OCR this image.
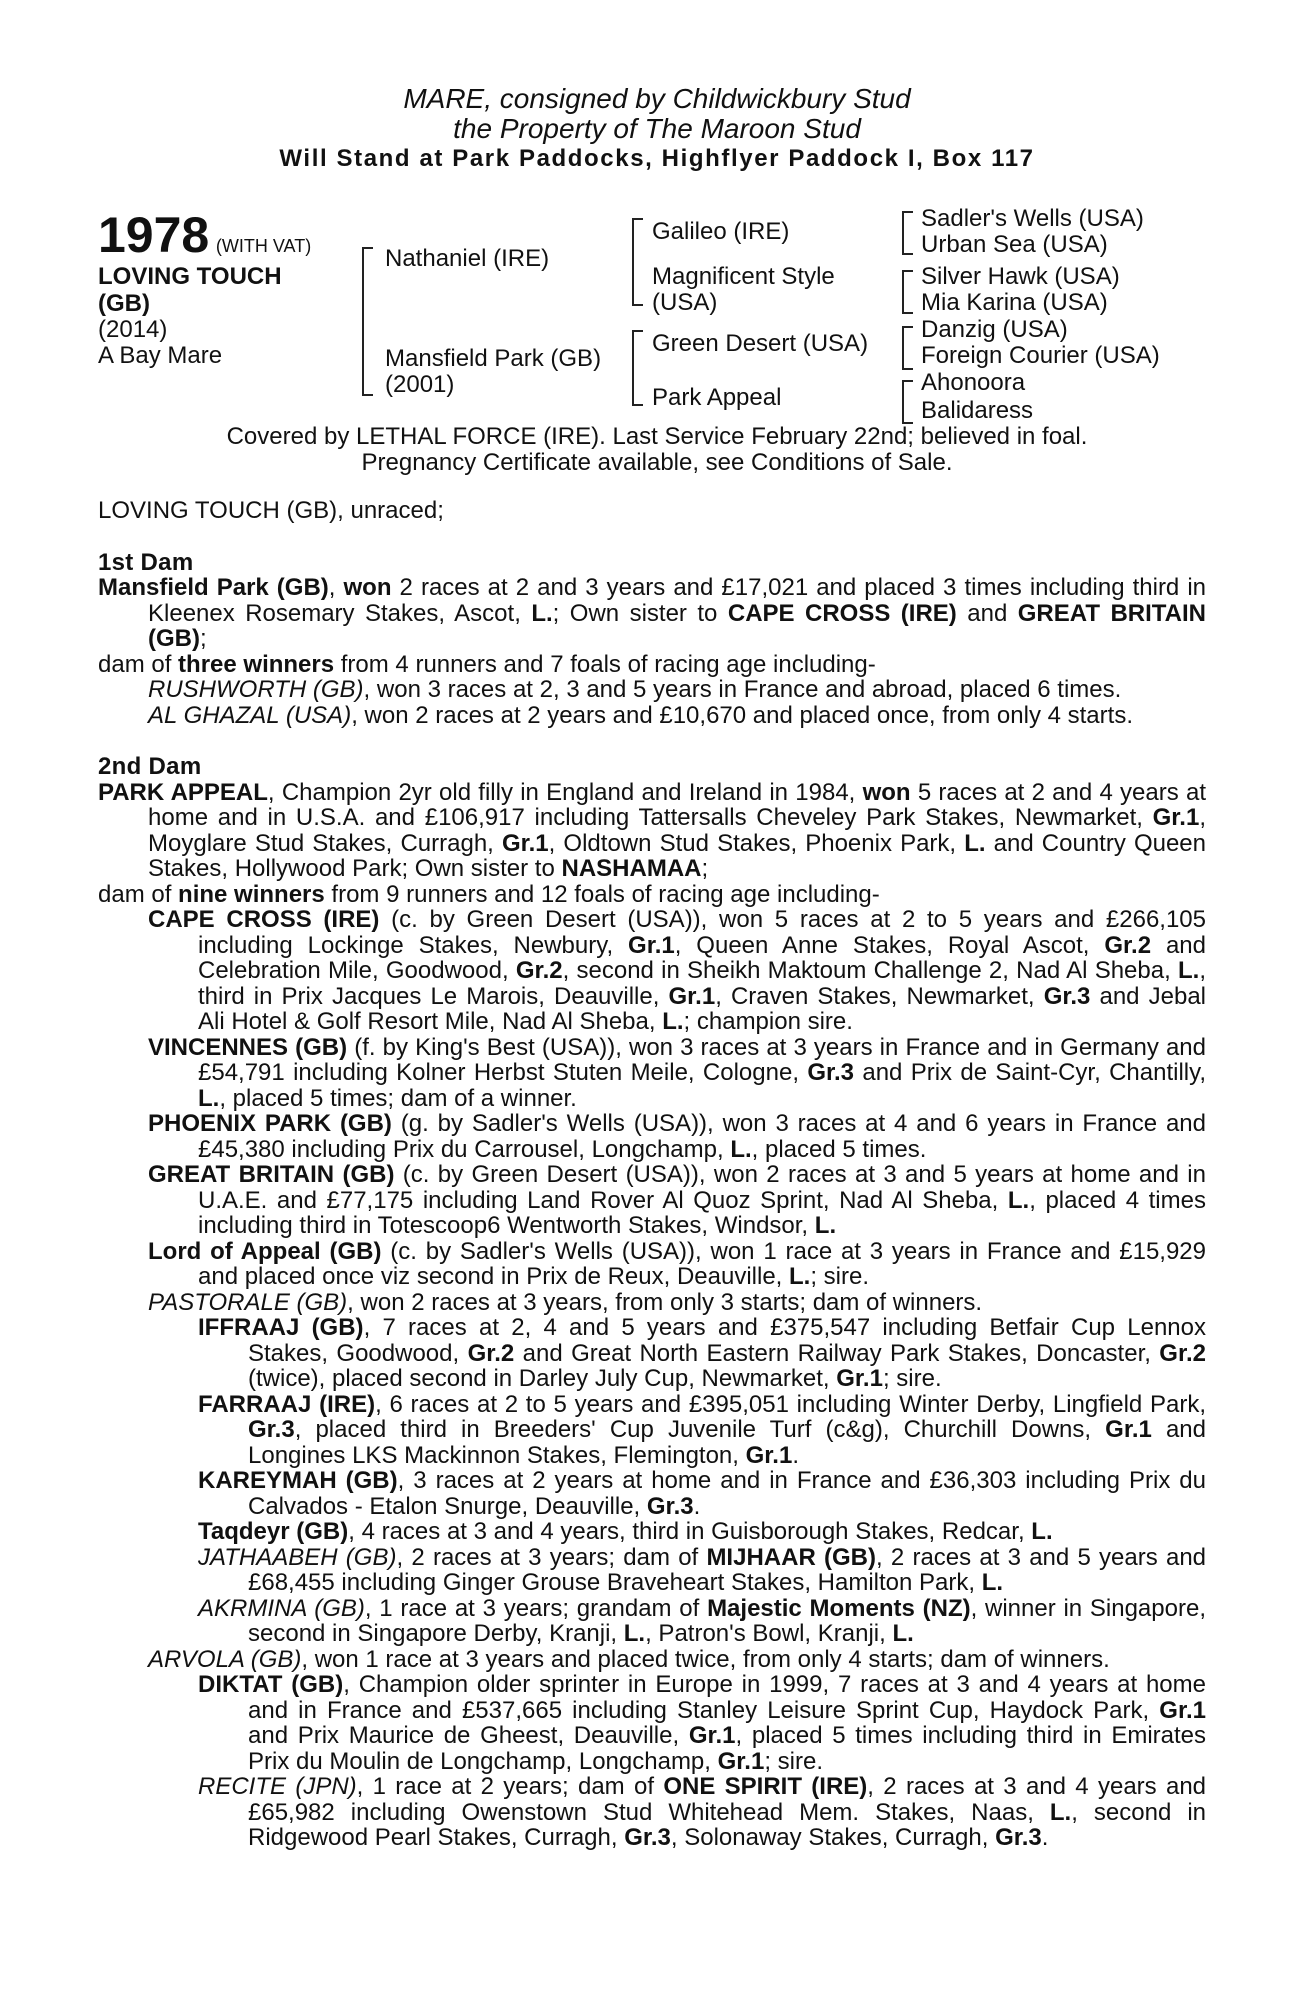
MARE, consigned by Childwickbury Stud
the Property of The Maroon Stud
Will Stand at Park Paddocks, Highflyer Paddock I, Box 117
1978 (WITH VAT)
LOVING TOUCH
(GB)
(2014)
A Bay Mare
Nathaniel (IRE)
Mansfield Park (GB)
(2001)
Galileo (IRE)
Magnificent Style
(USA)
Green Desert (USA)
Park Appeal
Sadler's Wells (USA)
Urban Sea (USA)
Silver Hawk (USA)
Mia Karina (USA)
Danzig (USA)
Foreign Courier (USA)
Ahonoora
Balidaress
Covered by LETHAL FORCE (IRE). Last Service February 22nd; believed in foal.
Pregnancy Certificate available, see Conditions of Sale.

LOVING TOUCH (GB), unraced;

1st Dam

Mansfield Park (GB), won 2 races at 2 and 3 years and £17,021 and placed 3 times including third in Kleenex Rosemary Stakes, Ascot, L.; Own sister to CAPE CROSS (IRE) and GREAT BRITAIN (GB);

dam of three winners from 4 runners and 7 foals of racing age including-

RUSHWORTH (GB), won 3 races at 2, 3 and 5 years in France and abroad, placed 6 times.

AL GHAZAL (USA), won 2 races at 2 years and £10,670 and placed once, from only 4 starts.

2nd Dam

PARK APPEAL, Champion 2yr old filly in England and Ireland in 1984, won 5 races at 2 and 4 years at home and in U.S.A. and £106,917 including Tattersalls Cheveley Park Stakes, Newmarket, Gr.1, Moyglare Stud Stakes, Curragh, Gr.1, Oldtown Stud Stakes, Phoenix Park, L. and Country Queen Stakes, Hollywood Park; Own sister to NASHAMAA;

dam of nine winners from 9 runners and 12 foals of racing age including-

CAPE CROSS (IRE) (c. by Green Desert (USA)), won 5 races at 2 to 5 years and £266,105 including Lockinge Stakes, Newbury, Gr.1, Queen Anne Stakes, Royal Ascot, Gr.2 and Celebration Mile, Goodwood, Gr.2, second in Sheikh Maktoum Challenge 2, Nad Al Sheba, L., third in Prix Jacques Le Marois, Deauville, Gr.1, Craven Stakes, Newmarket, Gr.3 and Jebal Ali Hotel & Golf Resort Mile, Nad Al Sheba, L.; champion sire.

VINCENNES (GB) (f. by King's Best (USA)), won 3 races at 3 years in France and in Germany and £54,791 including Kolner Herbst Stuten Meile, Cologne, Gr.3 and Prix de Saint-Cyr, Chantilly, L., placed 5 times; dam of a winner.

PHOENIX PARK (GB) (g. by Sadler's Wells (USA)), won 3 races at 4 and 6 years in France and £45,380 including Prix du Carrousel, Longchamp, L., placed 5 times.

GREAT BRITAIN (GB) (c. by Green Desert (USA)), won 2 races at 3 and 5 years at home and in U.A.E. and £77,175 including Land Rover Al Quoz Sprint, Nad Al Sheba, L., placed 4 times including third in Totescoop6 Wentworth Stakes, Windsor, L.

Lord of Appeal (GB) (c. by Sadler's Wells (USA)), won 1 race at 3 years in France and £15,929 and placed once viz second in Prix de Reux, Deauville, L.; sire.

PASTORALE (GB), won 2 races at 3 years, from only 3 starts; dam of winners.

IFFRAAJ (GB), 7 races at 2, 4 and 5 years and £375,547 including Betfair Cup Lennox Stakes, Goodwood, Gr.2 and Great North Eastern Railway Park Stakes, Doncaster, Gr.2 (twice), placed second in Darley July Cup, Newmarket, Gr.1; sire.

FARRAAJ (IRE), 6 races at 2 to 5 years and £395,051 including Winter Derby, Lingfield Park, Gr.3, placed third in Breeders' Cup Juvenile Turf (c&g), Churchill Downs, Gr.1 and Longines LKS Mackinnon Stakes, Flemington, Gr.1.

KAREYMAH (GB), 3 races at 2 years at home and in France and £36,303 including Prix du Calvados - Etalon Snurge, Deauville, Gr.3.

Taqdeyr (GB), 4 races at 3 and 4 years, third in Guisborough Stakes, Redcar, L.

JATHAABEH (GB), 2 races at 3 years; dam of MIJHAAR (GB), 2 races at 3 and 5 years and £68,455 including Ginger Grouse Braveheart Stakes, Hamilton Park, L.

AKRMINA (GB), 1 race at 3 years; grandam of Majestic Moments (NZ), winner in Singapore, second in Singapore Derby, Kranji, L., Patron's Bowl, Kranji, L.

ARVOLA (GB), won 1 race at 3 years and placed twice, from only 4 starts; dam of winners.

DIKTAT (GB), Champion older sprinter in Europe in 1999, 7 races at 3 and 4 years at home and in France and £537,665 including Stanley Leisure Sprint Cup, Haydock Park, Gr.1 and Prix Maurice de Gheest, Deauville, Gr.1, placed 5 times including third in Emirates Prix du Moulin de Longchamp, Longchamp, Gr.1; sire.

RECITE (JPN), 1 race at 2 years; dam of ONE SPIRIT (IRE), 2 races at 3 and 4 years and £65,982 including Owenstown Stud Whitehead Mem. Stakes, Naas, L., second in Ridgewood Pearl Stakes, Curragh, Gr.3, Solonaway Stakes, Curragh, Gr.3.
